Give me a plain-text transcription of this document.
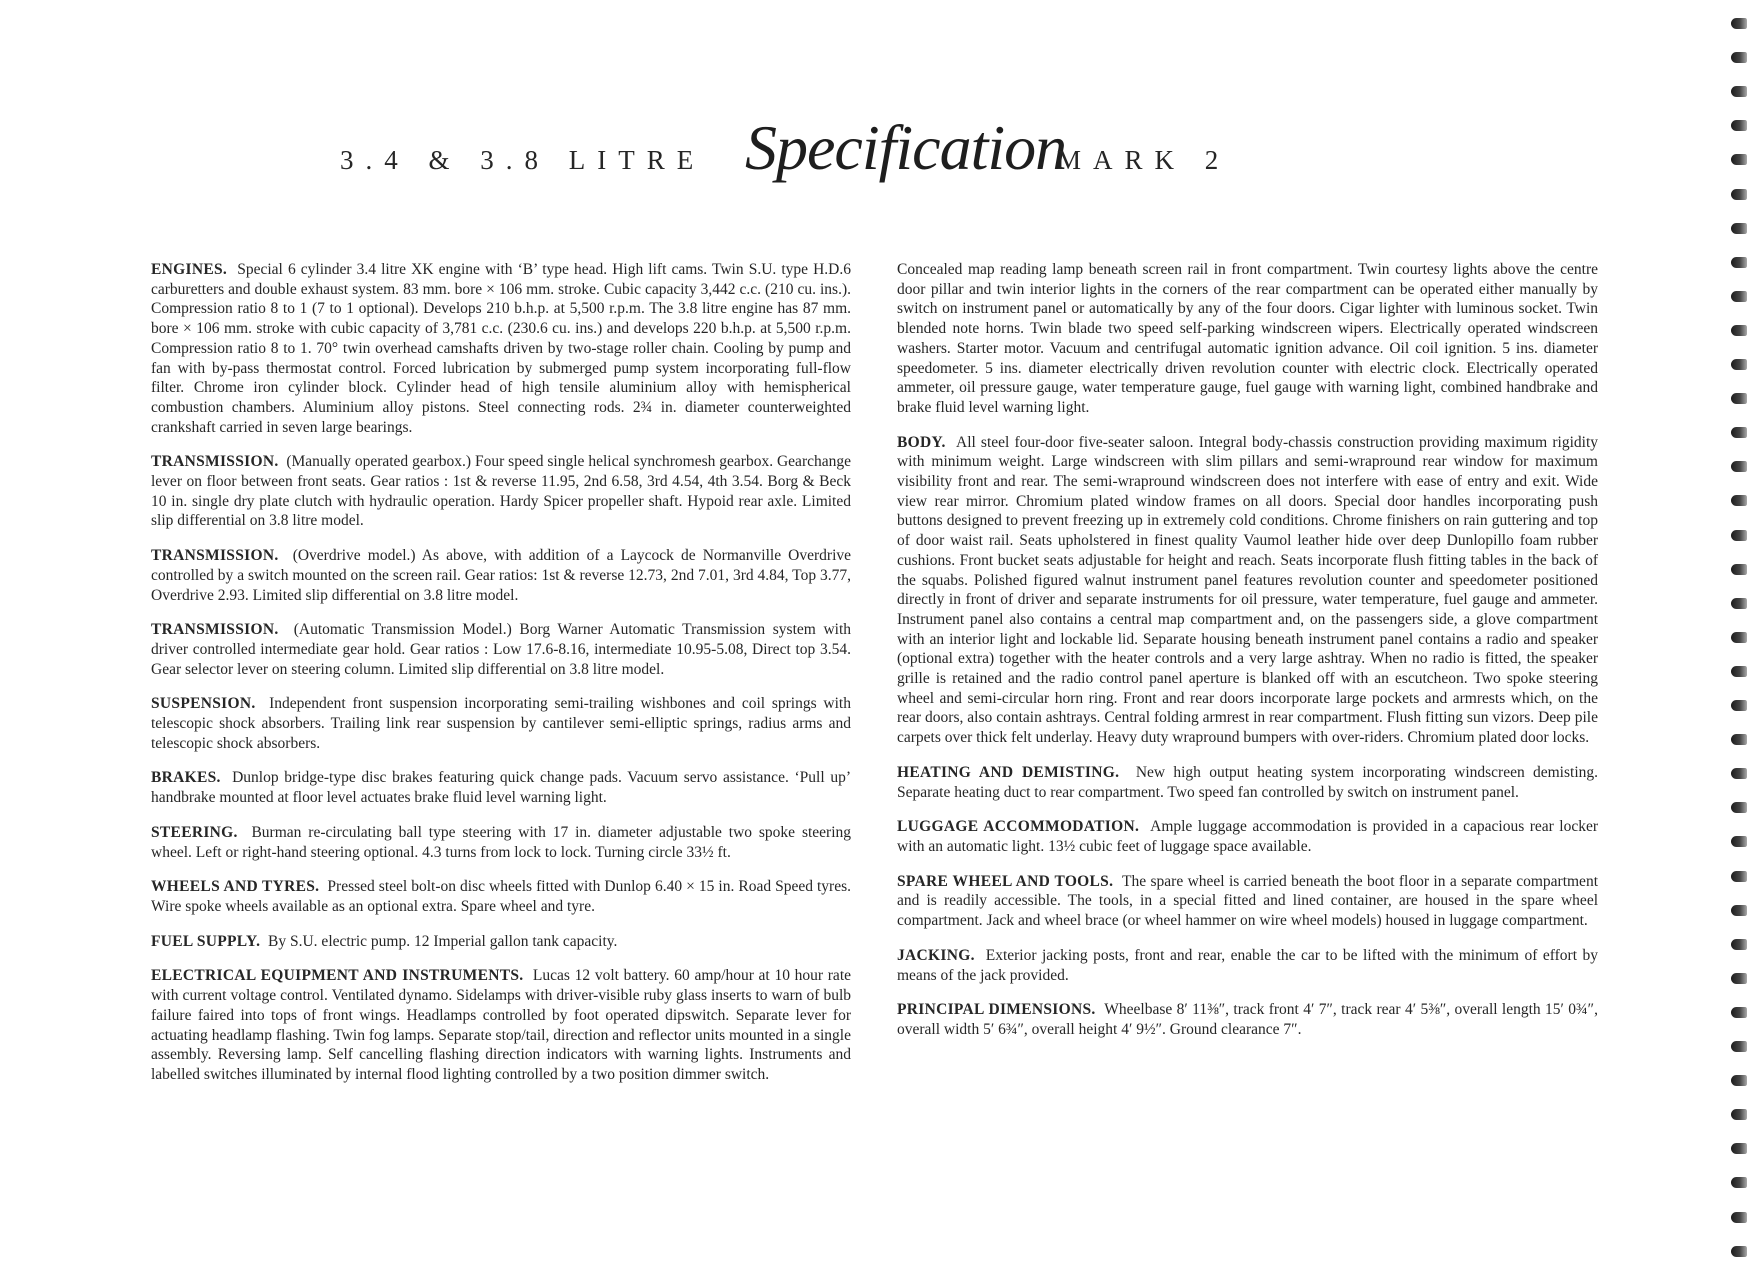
3.4 & 3.8 LITRE Specification
MARK 2

ENGINES. Special 6 cylinder 3.4 litre XK engine with ‘B’ type head. High lift cams. Twin S.U. type H.D.6 carburetters and double exhaust system. 83 mm. bore × 106 mm. stroke. Cubic capacity 3,442 c.c. (210 cu. ins.). Compression ratio 8 to 1 (7 to 1 optional). Develops 210 b.h.p. at 5,500 r.p.m. The 3.8 litre engine has 87 mm. bore × 106 mm. stroke with cubic capacity of 3,781 c.c. (230.6 cu. ins.) and develops 220 b.h.p. at 5,500 r.p.m. Compression ratio 8 to 1. 70° twin overhead camshafts driven by two-stage roller chain. Cooling by pump and fan with by-pass thermostat control. Forced lubrication by submerged pump system incorporating full-flow filter. Chrome iron cylinder block. Cylinder head of high tensile aluminium alloy with hemispherical combustion chambers. Aluminium alloy pistons. Steel connecting rods. 2¾ in. diameter counterweighted crankshaft carried in seven large bearings.

TRANSMISSION. (Manually operated gearbox.) Four speed single helical synchromesh gearbox. Gearchange lever on floor between front seats. Gear ratios : 1st & reverse 11.95, 2nd 6.58, 3rd 4.54, 4th 3.54. Borg & Beck 10 in. single dry plate clutch with hydraulic operation. Hardy Spicer propeller shaft. Hypoid rear axle. Limited slip differential on 3.8 litre model.

TRANSMISSION. (Overdrive model.) As above, with addition of a Laycock de Normanville Overdrive controlled by a switch mounted on the screen rail. Gear ratios: 1st & reverse 12.73, 2nd 7.01, 3rd 4.84, Top 3.77, Overdrive 2.93. Limited slip differential on 3.8 litre model.

TRANSMISSION. (Automatic Transmission Model.) Borg Warner Automatic Transmission system with driver controlled intermediate gear hold. Gear ratios : Low 17.6-8.16, intermediate 10.95-5.08, Direct top 3.54. Gear selector lever on steering column. Limited slip differential on 3.8 litre model.

SUSPENSION. Independent front suspension incorporating semi-trailing wishbones and coil springs with telescopic shock absorbers. Trailing link rear suspension by cantilever semi-elliptic springs, radius arms and telescopic shock absorbers.

BRAKES. Dunlop bridge-type disc brakes featuring quick change pads. Vacuum servo assistance. ‘Pull up’ handbrake mounted at floor level actuates brake fluid level warning light.

STEERING. Burman re-circulating ball type steering with 17 in. diameter adjustable two spoke steering wheel. Left or right-hand steering optional. 4.3 turns from lock to lock. Turning circle 33½ ft.

WHEELS AND TYRES. Pressed steel bolt-on disc wheels fitted with Dunlop 6.40 × 15 in. Road Speed tyres. Wire spoke wheels available as an optional extra. Spare wheel and tyre.

FUEL SUPPLY. By S.U. electric pump. 12 Imperial gallon tank capacity.

ELECTRICAL EQUIPMENT AND INSTRUMENTS. Lucas 12 volt battery. 60 amp/hour at 10 hour rate with current voltage control. Ventilated dynamo. Sidelamps with driver-visible ruby glass inserts to warn of bulb failure faired into tops of front wings. Headlamps controlled by foot operated dipswitch. Separate lever for actuating headlamp flashing. Twin fog lamps. Separate stop/tail, direction and reflector units mounted in a single assembly. Reversing lamp. Self cancelling flashing direction indicators with warning lights. Instruments and labelled switches illuminated by internal flood lighting controlled by a two position dimmer switch.

Concealed map reading lamp beneath screen rail in front compartment. Twin courtesy lights above the centre door pillar and twin interior lights in the corners of the rear compartment can be operated either manually by switch on instrument panel or automatically by any of the four doors. Cigar lighter with luminous socket. Twin blended note horns. Twin blade two speed self-parking windscreen wipers. Electrically operated windscreen washers. Starter motor. Vacuum and centrifugal automatic ignition advance. Oil coil ignition. 5 ins. diameter speedometer. 5 ins. diameter electrically driven revolution counter with electric clock. Electrically operated ammeter, oil pressure gauge, water temperature gauge, fuel gauge with warning light, combined handbrake and brake fluid level warning light.

BODY. All steel four-door five-seater saloon. Integral body-chassis construction providing maximum rigidity with minimum weight. Large windscreen with slim pillars and semi-wrapround rear window for maximum visibility front and rear. The semi-wrapround windscreen does not interfere with ease of entry and exit. Wide view rear mirror. Chromium plated window frames on all doors. Special door handles incorporating push buttons designed to prevent freezing up in extremely cold conditions. Chrome finishers on rain guttering and top of door waist rail. Seats upholstered in finest quality Vaumol leather hide over deep Dunlopillo foam rubber cushions. Front bucket seats adjustable for height and reach. Seats incorporate flush fitting tables in the back of the squabs. Polished figured walnut instrument panel features revolution counter and speedometer positioned directly in front of driver and separate instruments for oil pressure, water temperature, fuel gauge and ammeter. Instrument panel also contains a central map compartment and, on the passengers side, a glove compartment with an interior light and lockable lid. Separate housing beneath instrument panel contains a radio and speaker (optional extra) together with the heater controls and a very large ashtray. When no radio is fitted, the speaker grille is retained and the radio control panel aperture is blanked off with an escutcheon. Two spoke steering wheel and semi-circular horn ring. Front and rear doors incorporate large pockets and armrests which, on the rear doors, also contain ashtrays. Central folding armrest in rear compartment. Flush fitting sun vizors. Deep pile carpets over thick felt underlay. Heavy duty wrapround bumpers with over-riders. Chromium plated door locks.

HEATING AND DEMISTING. New high output heating system incorporating windscreen demisting. Separate heating duct to rear compartment. Two speed fan controlled by switch on instrument panel.

LUGGAGE ACCOMMODATION. Ample luggage accommodation is provided in a capacious rear locker with an automatic light. 13½ cubic feet of luggage space available.

SPARE WHEEL AND TOOLS. The spare wheel is carried beneath the boot floor in a separate compartment and is readily accessible. The tools, in a special fitted and lined container, are housed in the spare wheel compartment. Jack and wheel brace (or wheel hammer on wire wheel models) housed in luggage compartment.

JACKING. Exterior jacking posts, front and rear, enable the car to be lifted with the minimum of effort by means of the jack provided.

PRINCIPAL DIMENSIONS. Wheelbase 8′ 11⅜″, track front 4′ 7″, track rear 4′ 5⅜″, overall length 15′ 0¾″, overall width 5′ 6¾″, overall height 4′ 9½″. Ground clearance 7″.
